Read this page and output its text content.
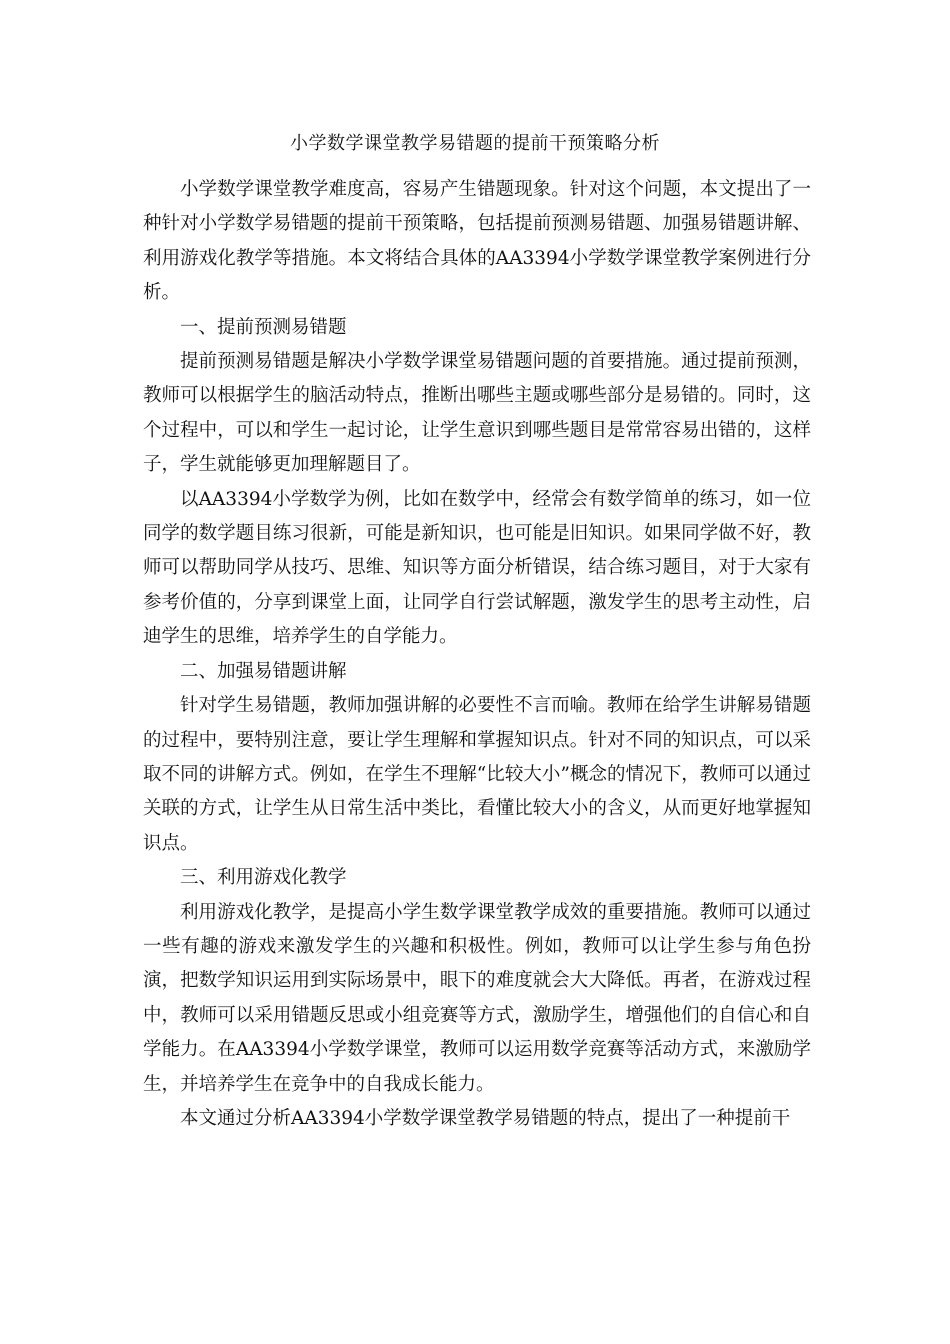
小学数学课堂教学易错题的提前干预策略分析

小学数学课堂教学难度高，容易产生错题现象。针对这个问题，本文提出了一种针对小学数学易错题的提前干预策略，包括提前预测易错题、加强易错题讲解、利用游戏化教学等措施。本文将结合具体的AA3394小学数学课堂教学案例进行分析。

一、提前预测易错题

提前预测易错题是解决小学数学课堂易错题问题的首要措施。通过提前预测，教师可以根据学生的脑活动特点，推断出哪些主题或哪些部分是易错的。同时，这个过程中，可以和学生一起讨论，让学生意识到哪些题目是常常容易出错的，这样子，学生就能够更加理解题目了。

以AA3394小学数学为例，比如在数学中，经常会有数学简单的练习，如一位同学的数学题目练习很新，可能是新知识，也可能是旧知识。如果同学做不好，教师可以帮助同学从技巧、思维、知识等方面分析错误，结合练习题目，对于大家有参考价值的，分享到课堂上面，让同学自行尝试解题，激发学生的思考主动性，启迪学生的思维，培养学生的自学能力。

二、加强易错题讲解

针对学生易错题，教师加强讲解的必要性不言而喻。教师在给学生讲解易错题的过程中，要特别注意，要让学生理解和掌握知识点。针对不同的知识点，可以采取不同的讲解方式。例如，在学生不理解“比较大小”概念的情况下，教师可以通过关联的方式，让学生从日常生活中类比，看懂比较大小的含义，从而更好地掌握知识点。

三、利用游戏化教学

利用游戏化教学，是提高小学生数学课堂教学成效的重要措施。教师可以通过一些有趣的游戏来激发学生的兴趣和积极性。例如，教师可以让学生参与角色扮演，把数学知识运用到实际场景中，眼下的难度就会大大降低。再者，在游戏过程中，教师可以采用错题反思或小组竞赛等方式，激励学生，增强他们的自信心和自学能力。在AA3394小学数学课堂，教师可以运用数学竞赛等活动方式，来激励学生，并培养学生在竞争中的自我成长能力。

本文通过分析AA3394小学数学课堂教学易错题的特点，提出了一种提前干
